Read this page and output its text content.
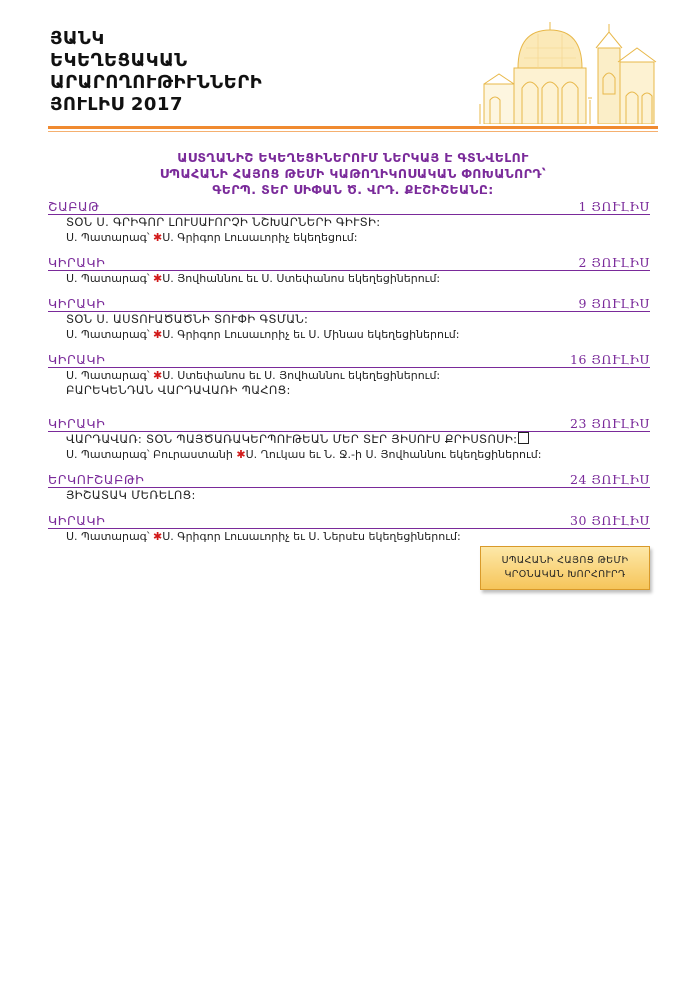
ՅԱՆԿ
ԵԿԵՂԵՑԱԿԱՆ
ԱՐԱՐՈՂՈՒԹԻՒՆՆԵՐԻ
ՅՈՒԼԻՍ 2017
ԱՍՏՂԱՆԻՇ ԵԿԵՂԵՑԻՆԵՐՈՒՄ ՆԵՐԿԱՅ Է ԳՏՆՎԵԼՈՒ
ՍՊԱՀԱՆԻ ՀԱՅՈՑ ԹԵՄԻ ԿԱԹՈՂԻԿՈՍԱԿԱՆ ՓՈԽԱՆՈՐԴ՝
ԳԵՐՊ. ՏԵՐ ՍԻՓԱՆ Ծ. ՎՐԴ. ՔԷՇԻՇԵԱՆԸ:
ՇԱԲԱԹ	1 ՅՈՒԼԻՍ
ՏՕՆ Ս. ԳՐԻԳՈՐ ԼՈՒՍԱՒՈՐՉԻ ՆՇԽԱՐՆԵՐԻ ԳԻՒՏԻ:
Ս. Պատարագ՝ ✱Ս. Գրիգոր Լուսաւորիչ եկեղեցում:
ԿԻՐԱԿԻ	2 ՅՈՒԼԻՍ
Ս. Պատարագ՝ ✱Ս. Յովհաննու եւ Ս. Ստեփանոս եկեղեցիներում:
ԿԻՐԱԿԻ	9 ՅՈՒԼԻՍ
ՏՕՆ Ս. ԱՍՏՈՒԱԾԱԾՆԻ ՏՈՒՓԻ ԳՏՄԱՆ:
Ս. Պատարագ՝ ✱Ս. Գրիգոր Լուսաւորիչ եւ Ս. Մինաս եկեղեցիներում:
ԿԻՐԱԿԻ	16 ՅՈՒԼԻՍ
Ս. Պատարագ՝ ✱Ս. Ստեփանոս եւ Ս. Յովհաննու եկեղեցիներում:
ԲԱՐԵԿԵՆԴԱՆ ՎԱՐԴԱՎԱՌԻ ՊԱՀՈՑ:
ԿԻՐԱԿԻ	23 ՅՈՒԼԻՍ
ՎԱՐԴԱՎԱՌ: ՏՕՆ ՊԱՅԾԱՌԱԿԵՐՊՈՒԹԵԱՆ ՄԵՐ ՏԷՐ ՅԻՍՈՒՍ ՔՐԻՍՏՈՍԻ:
Ս. Պատարագ՝ Բուրաստանի ✱Ս. Ղուկաս եւ Ն. Ջ.-ի Ս. Յովհաննու եկեղեցիներում:
ԵՐԿՈՒՇԱԲԹԻ	24 ՅՈՒԼԻՍ
ՅԻՇԱՏԱԿ ՄԵՌԵԼՈՑ:
ԿԻՐԱԿԻ	30 ՅՈՒԼԻՍ
Ս. Պատարագ՝ ✱Ս. Գրիգոր Լուսաւորիչ եւ Ս. Ներսէս եկեղեցիներում:
ՍՊԱՀԱՆԻ ՀԱՅՈՑ ԹԵՄԻ
ԿՐՕՆԱԿԱՆ ԽՈՐՀՈՒՐԴ
